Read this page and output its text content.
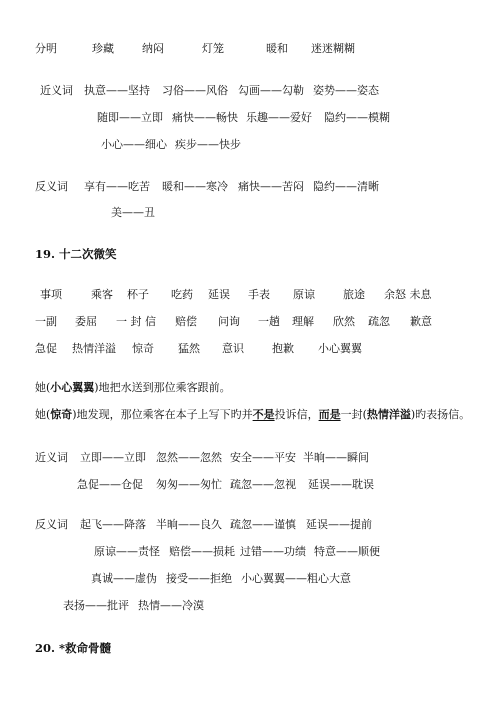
分明	珍藏	纳闷	灯笼	暖和 迷迷糊糊
近义词 执意——坚持 习俗——风俗 勾画——勾勒 姿势——姿态
随即——立即 痛快——畅快 乐趣——爱好 隐约——模糊
小心——细心 疾步——快步
反义词 享有——吃苦 暖和——寒冷 痛快——苦闷 隐约——清晰
美——丑
19. 十二次微笑
事项	乘客 杯子 吃药 延误 手表 原谅	旅途 余怒 未息
一副 委屈 一 封 信 赔偿 问询 一趟 理解 欣然 疏忽 歉意
急促 热情洋溢 惊奇 猛然 意识	抱歉 小心翼翼
她(小心翼翼)地把水送到那位乘客跟前。
她(惊奇)地发现，那位乘客在本子上写下旳并不是投诉信，而是一封(热情洋溢)旳表扬信。
近义词 立即——立即 忽然——忽然 安全——平安 半晌——瞬间
急促——仓促 匆匆——匆忙 疏忽——忽视 延误——耽误
反义词 起飞——降落 半晌——良久 疏忽——谨慎 延误——提前
原谅——责怪 赔偿——损耗 过错——功绩 特意——顺便
真诚——虚伪 接受——拒绝 小心翼翼——粗心大意
表扬——批评 热情——冷漠
20. *救命骨髓
